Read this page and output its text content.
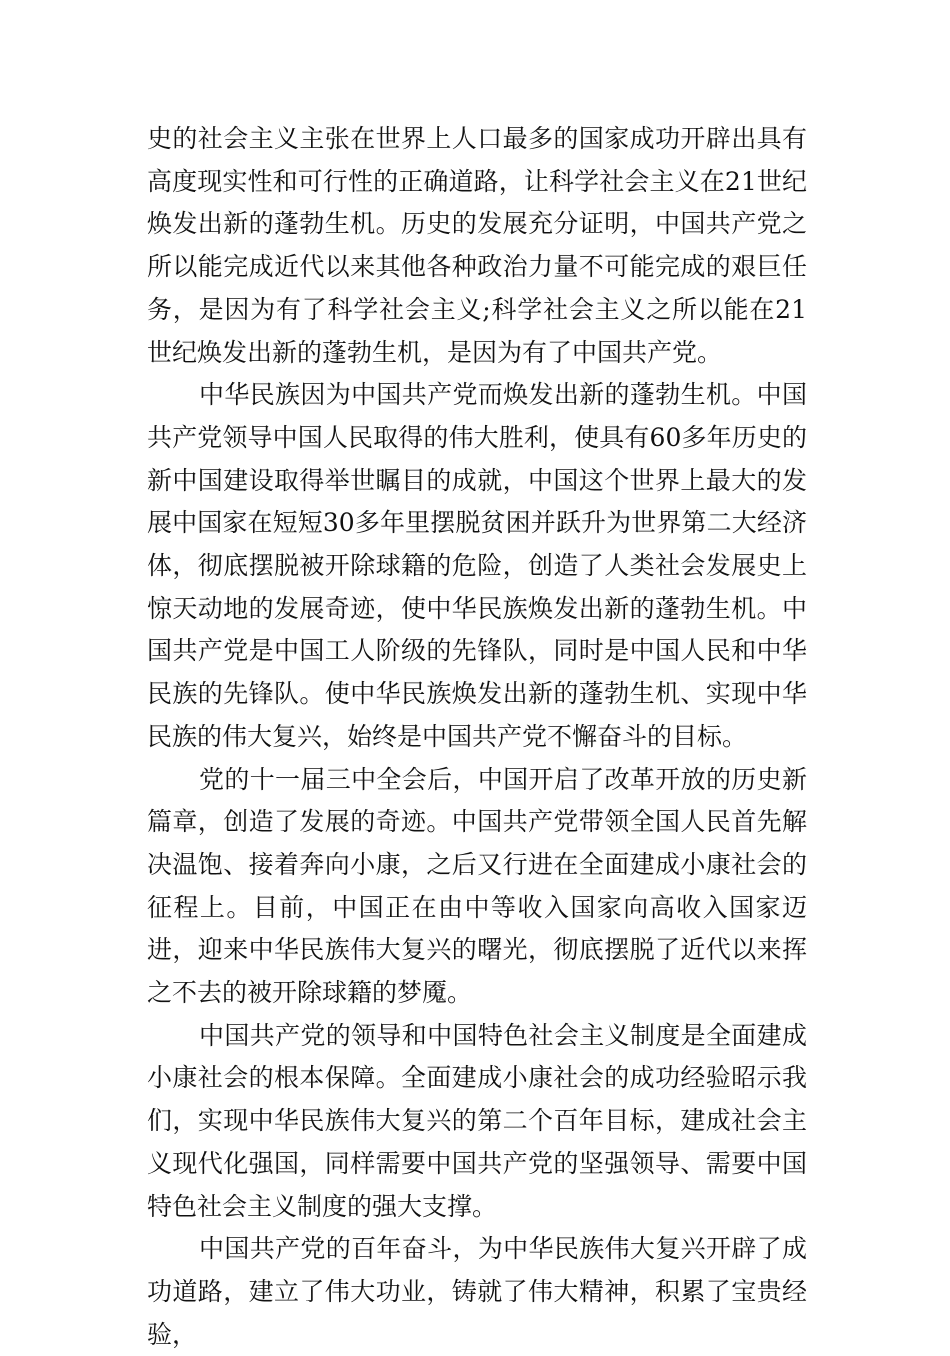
史的社会主义主张在世界上人口最多的国家成功开辟出具有高度现实性和可行性的正确道路，让科学社会主义在21世纪焕发出新的蓬勃生机。历史的发展充分证明，中国共产党之所以能完成近代以来其他各种政治力量不可能完成的艰巨任务，是因为有了科学社会主义;科学社会主义之所以能在21世纪焕发出新的蓬勃生机，是因为有了中国共产党。

中华民族因为中国共产党而焕发出新的蓬勃生机。中国共产党领导中国人民取得的伟大胜利，使具有60多年历史的新中国建设取得举世瞩目的成就，中国这个世界上最大的发展中国家在短短30多年里摆脱贫困并跃升为世界第二大经济体，彻底摆脱被开除球籍的危险，创造了人类社会发展史上惊天动地的发展奇迹，使中华民族焕发出新的蓬勃生机。中国共产党是中国工人阶级的先锋队，同时是中国人民和中华民族的先锋队。使中华民族焕发出新的蓬勃生机、实现中华民族的伟大复兴，始终是中国共产党不懈奋斗的目标。

党的十一届三中全会后，中国开启了改革开放的历史新篇章，创造了发展的奇迹。中国共产党带领全国人民首先解决温饱、接着奔向小康，之后又行进在全面建成小康社会的征程上。目前，中国正在由中等收入国家向高收入国家迈进，迎来中华民族伟大复兴的曙光，彻底摆脱了近代以来挥之不去的被开除球籍的梦魇。

中国共产党的领导和中国特色社会主义制度是全面建成小康社会的根本保障。全面建成小康社会的成功经验昭示我们，实现中华民族伟大复兴的第二个百年目标，建成社会主义现代化强国，同样需要中国共产党的坚强领导、需要中国特色社会主义制度的强大支撑。

中国共产党的百年奋斗，为中华民族伟大复兴开辟了成功道路，建立了伟大功业，铸就了伟大精神，积累了宝贵经验，
